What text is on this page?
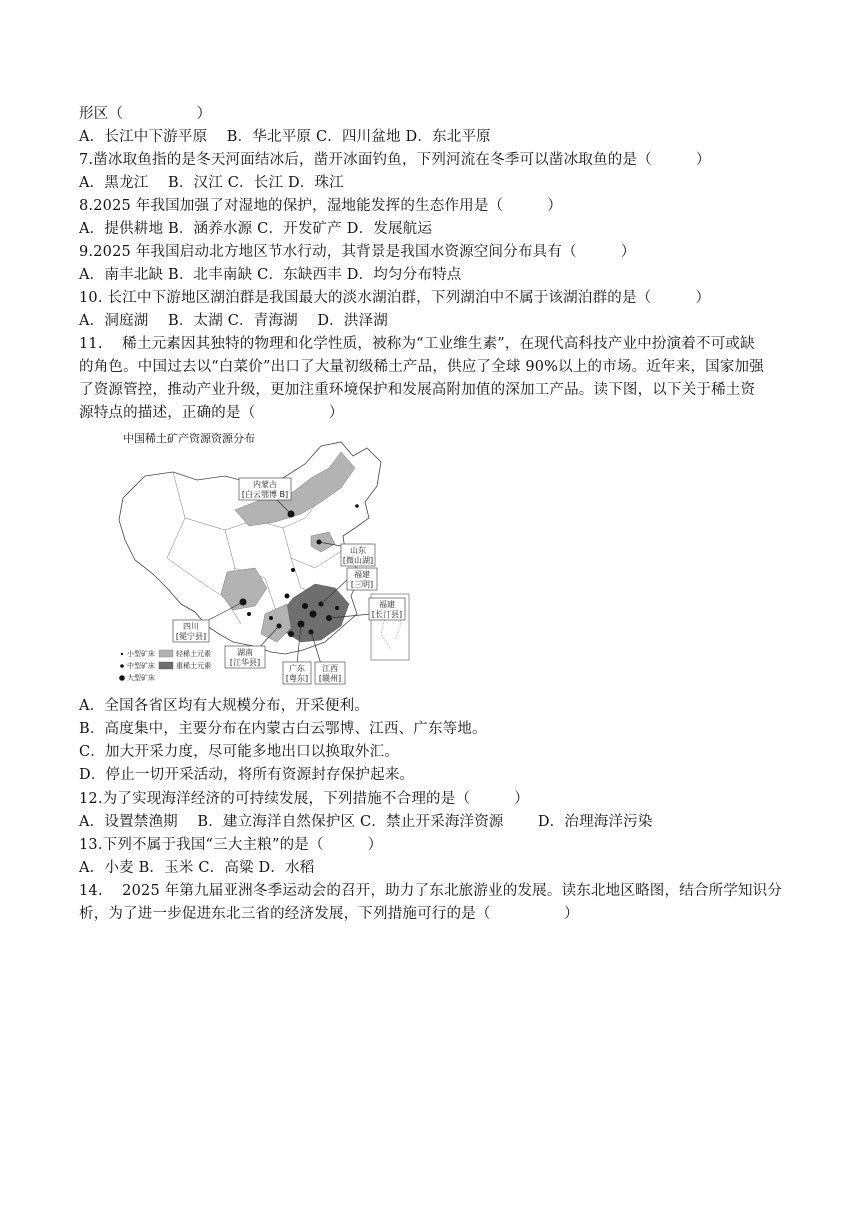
形区（　　　　　）
A．长江中下游平原　 B．华北平原 C．四川盆地 D．东北平原
7.凿冰取鱼指的是冬天河面结冰后，凿开冰面钓鱼，下列河流在冬季可以凿冰取鱼的是（　　　）
A．黑龙江　 B．汉江 C．长江 D．珠江
8.2025 年我国加强了对湿地的保护，湿地能发挥的生态作用是（　　　）
A．提供耕地 B．涵养水源 C．开发矿产 D．发展航运
9.2025 年我国启动北方地区节水行动，其背景是我国水资源空间分布具有（　　　）
A．南丰北缺 B．北丰南缺 C．东缺西丰 D．均匀分布特点
10. 长江中下游地区湖泊群是我国最大的淡水湖泊群，下列湖泊中不属于该湖泊群的是（　　　）
A．洞庭湖　 B．太湖 C．青海湖　 D．洪泽湖
11.　 稀土元素因其独特的物理和化学性质，被称为“工业维生素”，在现代高科技产业中扮演着不可或缺
的角色。中国过去以“白菜价”出口了大量初级稀土产品，供应了全球 90%以上的市场。近年来，国家加强
了资源管控，推动产业升级，更加注重环境保护和发展高附加值的深加工产品。读下图，以下关于稀土资
源特点的描述，正确的是（　　　　　）
中国稀土矿产资源资源分布
内蒙古
[白云鄂博 B]
山东
[微山湖]
福建
[三明]
福建
[长汀县]
四川
[冕宁县]
湖南
[江华县]
广东
[粤东]
江西
[赣州]
小型矿床
中型矿床
大型矿床
轻稀土元素
重稀土元素
A．全国各省区均有大规模分布，开采便利。
B．高度集中，主要分布在内蒙古白云鄂博、江西、广东等地。
C．加大开采力度，尽可能多地出口以换取外汇。
D．停止一切开采活动，将所有资源封存保护起来。
12.为了实现海洋经济的可持续发展，下列措施不合理的是（　　　）
A．设置禁渔期　 B．建立海洋自然保护区 C．禁止开采海洋资源　　 D．治理海洋污染
13.下列不属于我国“三大主粮”的是（　　　）
A．小麦 B．玉米 C．高粱 D．水稻
14.　 2025 年第九届亚洲冬季运动会的召开，助力了东北旅游业的发展。读东北地区略图，结合所学知识分
析，为了进一步促进东北三省的经济发展，下列措施可行的是（　　　　　）
